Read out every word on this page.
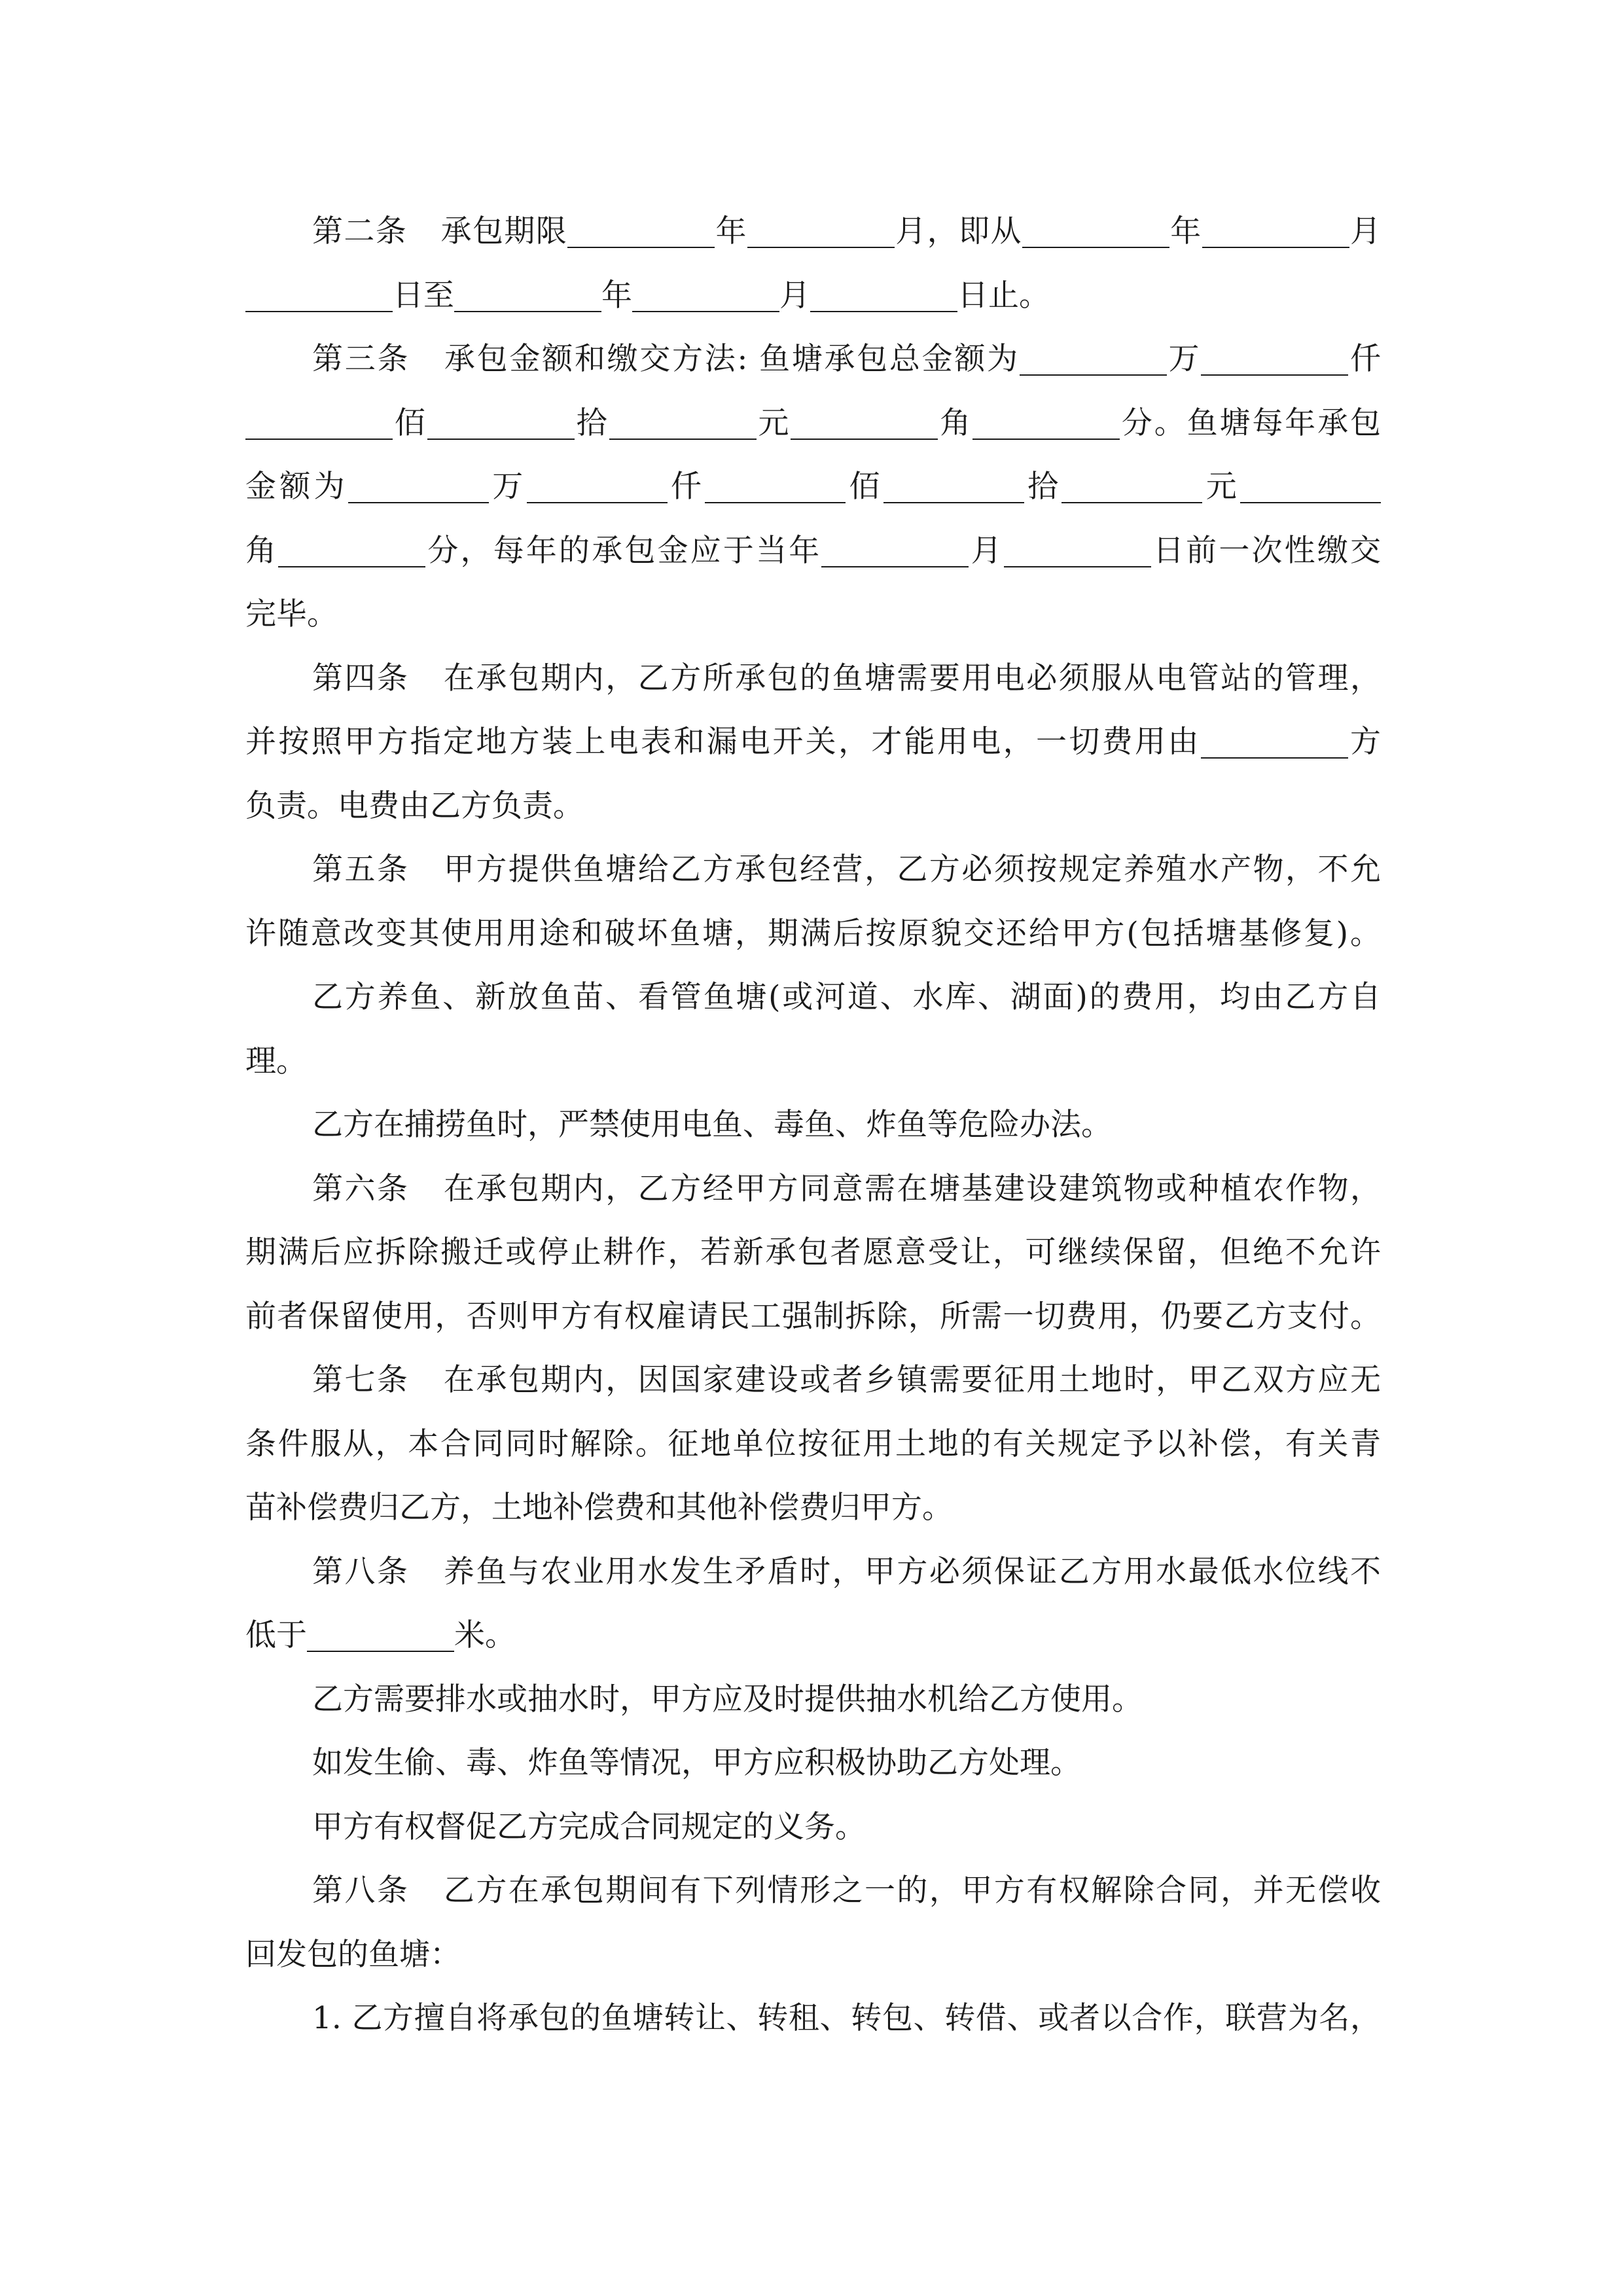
第二条 承包期限	年	月，即从	年	月

日至	年	月	日止。

第三条 承包金额和缴交方法: 鱼塘承包总金额为	万	仟

佰	拾	元	角	分。鱼塘每年承包

金额为	万	仟	佰	拾	元

角	分，每年的承包金应于当年	月	日前一次性缴交

完毕。

第四条 在承包期内，乙方所承包的鱼塘需要用电必须服从电管站的管理，

并按照甲方指定地方装上电表和漏电开关，才能用电，一切费用由	方

负责。电费由乙方负责。

第五条 甲方提供鱼塘给乙方承包经营，乙方必须按规定养殖水产物，不允

许随意改变其使用用途和破坏鱼塘，期满后按原貌交还给甲方(包括塘基修复)。

乙方养鱼、新放鱼苗、看管鱼塘(或河道、水库、湖面)的费用，均由乙方自

理。

乙方在捕捞鱼时，严禁使用电鱼、毒鱼、炸鱼等危险办法。

第六条 在承包期内，乙方经甲方同意需在塘基建设建筑物或种植农作物，

期满后应拆除搬迁或停止耕作，若新承包者愿意受让，可继续保留，但绝不允许

前者保留使用，否则甲方有权雇请民工强制拆除，所需一切费用，仍要乙方支付。

第七条 在承包期内，因国家建设或者乡镇需要征用土地时，甲乙双方应无

条件服从，本合同同时解除。征地单位按征用土地的有关规定予以补偿，有关青

苗补偿费归乙方，土地补偿费和其他补偿费归甲方。

第八条 养鱼与农业用水发生矛盾时，甲方必须保证乙方用水最低水位线不

低于	米。

乙方需要排水或抽水时，甲方应及时提供抽水机给乙方使用。

如发生偷、毒、炸鱼等情况，甲方应积极协助乙方处理。

甲方有权督促乙方完成合同规定的义务。

第八条 乙方在承包期间有下列情形之一的，甲方有权解除合同，并无偿收

回发包的鱼塘：

1. 乙方擅自将承包的鱼塘转让、转租、转包、转借、或者以合作，联营为名，
